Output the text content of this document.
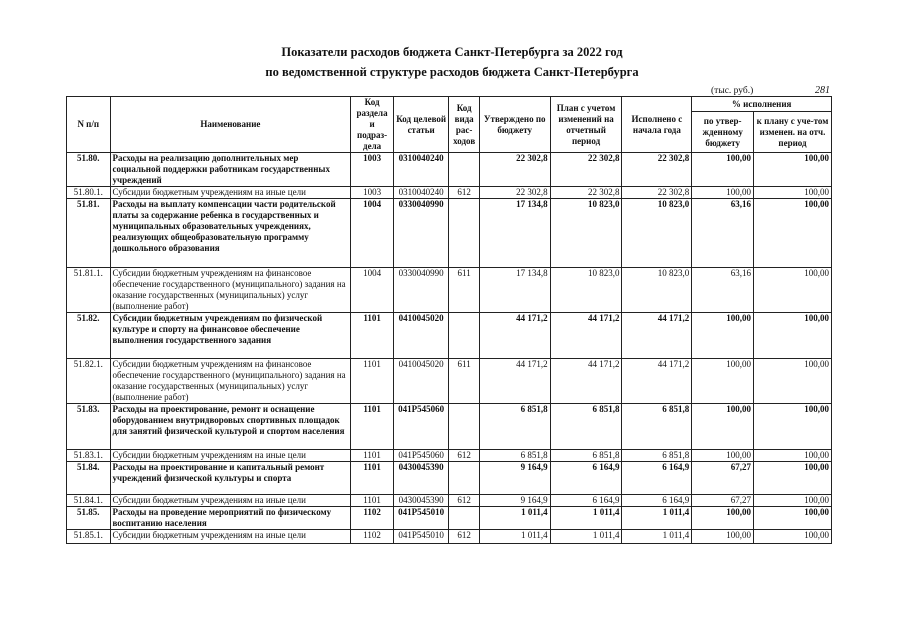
Показатели расходов бюджета Санкт-Петербурга за 2022 год
по ведомственной структуре расходов бюджета Санкт-Петербурга
(тыс. руб.)	281
N п/п	Наименование	Код раздела и подраз-дела	Код целевой статьи	Код вида рас-ходов	Утверждено по бюджету	План с учетом изменений на отчетный период	Исполнено с начала года	% исполнения	
								по утвер-жденному бюджету	к плану с уче-том изменен. на отч. период
51.80.	Расходы на реализацию дополнительных мер социальной поддержки работникам государственных учреждений	1003	0310040240		22 302,8	22 302,8	22 302,8	100,00	100,00
51.80.1.	Субсидии бюджетным учреждениям на иные цели	1003	0310040240	612	22 302,8	22 302,8	22 302,8	100,00	100,00
51.81.	Расходы на выплату компенсации части родительской платы за содержание ребенка в государственных и муниципальных образовательных учреждениях, реализующих общеобразовательную программу дошкольного образования	1004	0330040990		17 134,8	10 823,0	10 823,0	63,16	100,00
51.81.1.	Субсидии бюджетным учреждениям на финансовое обеспечение государственного (муниципального) задания на оказание государственных (муниципальных) услуг (выполнение работ)	1004	0330040990	611	17 134,8	10 823,0	10 823,0	63,16	100,00
51.82.	Субсидии бюджетным учреждениям по физической культуре и спорту на финансовое обеспечение выполнения государственного задания	1101	0410045020		44 171,2	44 171,2	44 171,2	100,00	100,00
51.82.1.	Субсидии бюджетным учреждениям на финансовое обеспечение государственного (муниципального) задания на оказание государственных (муниципальных) услуг (выполнение работ)	1101	0410045020	611	44 171,2	44 171,2	44 171,2	100,00	100,00
51.83.	Расходы на проектирование, ремонт и оснащение оборудованием внутридворовых спортивных площадок для занятий физической культурой и спортом населения	1101	041P545060		6 851,8	6 851,8	6 851,8	100,00	100,00
51.83.1.	Субсидии бюджетным учреждениям на иные цели	1101	041P545060	612	6 851,8	6 851,8	6 851,8	100,00	100,00
51.84.	Расходы на проектирование и капитальный ремонт учреждений физической культуры и спорта	1101	0430045390		9 164,9	6 164,9	6 164,9	67,27	100,00
51.84.1.	Субсидии бюджетным учреждениям на иные цели	1101	0430045390	612	9 164,9	6 164,9	6 164,9	67,27	100,00
51.85.	Расходы на проведение мероприятий по физическому воспитанию населения	1102	041P545010		1 011,4	1 011,4	1 011,4	100,00	100,00
51.85.1.	Субсидии бюджетным учреждениям на иные цели	1102	041P545010	612	1 011,4	1 011,4	1 011,4	100,00	100,00
